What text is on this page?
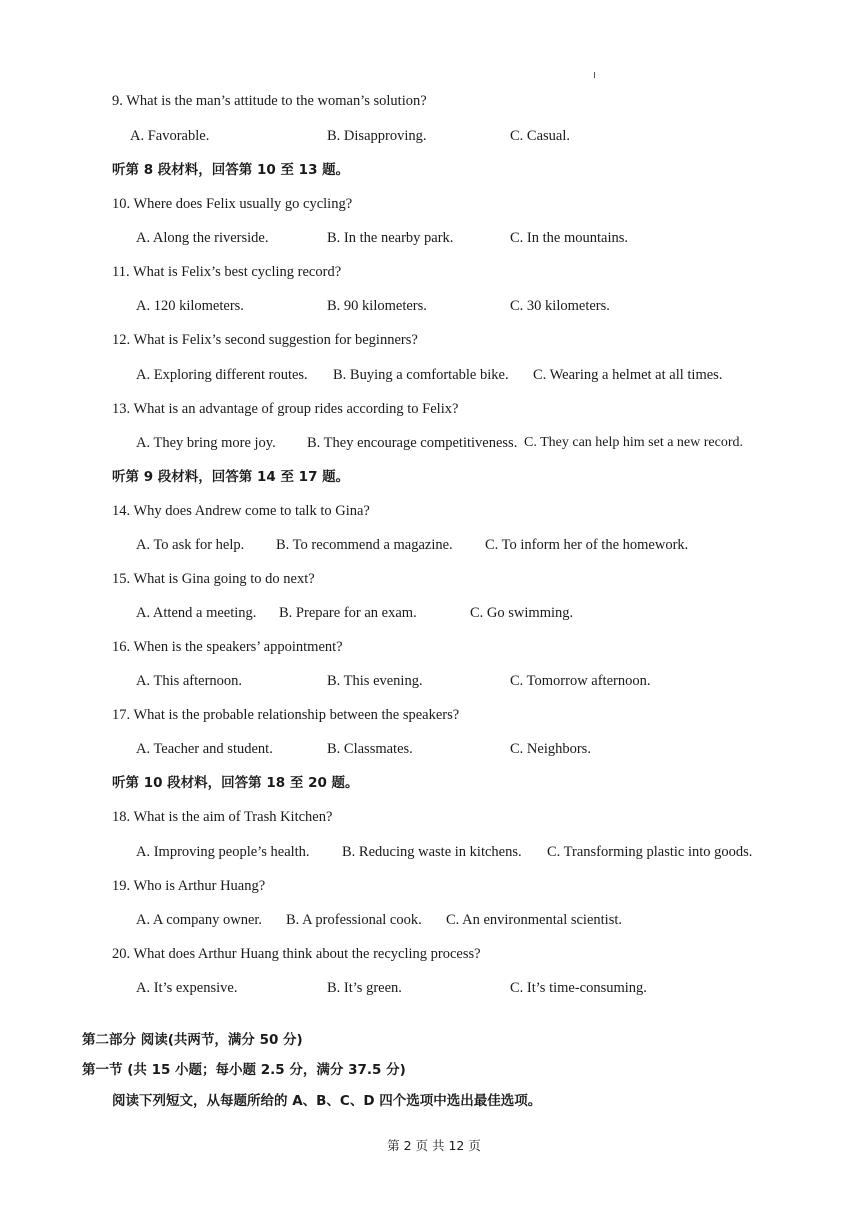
9. What is the man’s attitude to the woman’s solution?
A. Favorable.	B. Disapproving.	C. Casual.
听第 8 段材料，回答第 10 至 13 题。
10. Where does Felix usually go cycling?
A. Along the riverside.	B. In the nearby park.	C. In the mountains.
11. What is Felix’s best cycling record?
A. 120 kilometers.	B. 90 kilometers.	C. 30 kilometers.
12. What is Felix’s second suggestion for beginners?
A. Exploring different routes. B. Buying a comfortable bike. C. Wearing a helmet at all times.
13. What is an advantage of group rides according to Felix?
A. They bring more joy. B. They encourage competitiveness. C. They can help him set a new record.
听第 9 段材料，回答第 14 至 17 题。
14. Why does Andrew come to talk to Gina?
A. To ask for help. B. To recommend a magazine. C. To inform her of the homework.
15. What is Gina going to do next?
A. Attend a meeting. B. Prepare for an exam.	C. Go swimming.
16. When is the speakers’ appointment?
A. This afternoon.	B. This evening.	C. Tomorrow afternoon.
17. What is the probable relationship between the speakers?
A. Teacher and student.	B. Classmates.	C. Neighbors.
听第 10 段材料，回答第 18 至 20 题。
18. What is the aim of Trash Kitchen?
A. Improving people’s health. B. Reducing waste in kitchens. C. Transforming plastic into goods.
19. Who is Arthur Huang?
A. A company owner. B. A professional cook. C. An environmental scientist.
20. What does Arthur Huang think about the recycling process?
A. It’s expensive.	B. It’s green.	C. It’s time-consuming.
第二部分 阅读(共两节，满分 50 分)
第一节 (共 15 小题；每小题 2.5 分，满分 37.5 分)
阅读下列短文，从每题所给的 A、B、C、D 四个选项中选出最佳选项。
第 2 页 共 12 页
